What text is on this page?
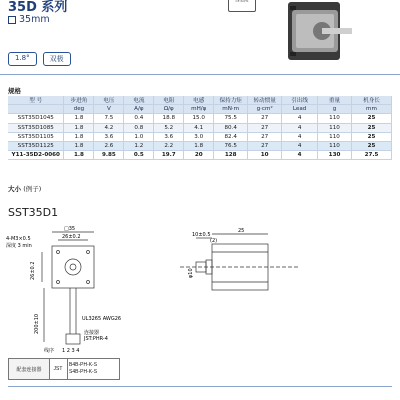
35D 系列
35mm
CE RoHS
1.8°	双极
规格
型 号	步进角	电压	电流	电阻	电感	保持力矩	转动惯量	引出线	重量	机身长
	deg	V	A/φ	Ω/φ	mH/φ	mN·m	g·cm²	Lead	g	mm
SST35D1045	1.8	7.5	0.4	18.8	15.0	75.5	27	4	110	25
SST35D1085	1.8	4.2	0.8	5.2	4.1	80.4	27	4	110	25
SST35D1105	1.8	3.6	1.0	3.6	3.0	82.4	27	4	110	25
SST35D1125	1.8	2.6	1.2	2.2	1.8	76.5	27	4	110	25
Y11-35D2-0060	1.8	9.85	0.5	19.7	20	128	10	4	130	27.5
大小 (例子)
SST35D1
□35
26±0.2
4-M3×0.5
深度 3 min
26±0.2
UL3265 AWG26
200±10	连接器
JST:PHR-4
线序 1 2 3 4
10±0.5
25
(2)
φ10
配套连接器	JST
B4B-PH-K-S
S4B-PH-K-S
